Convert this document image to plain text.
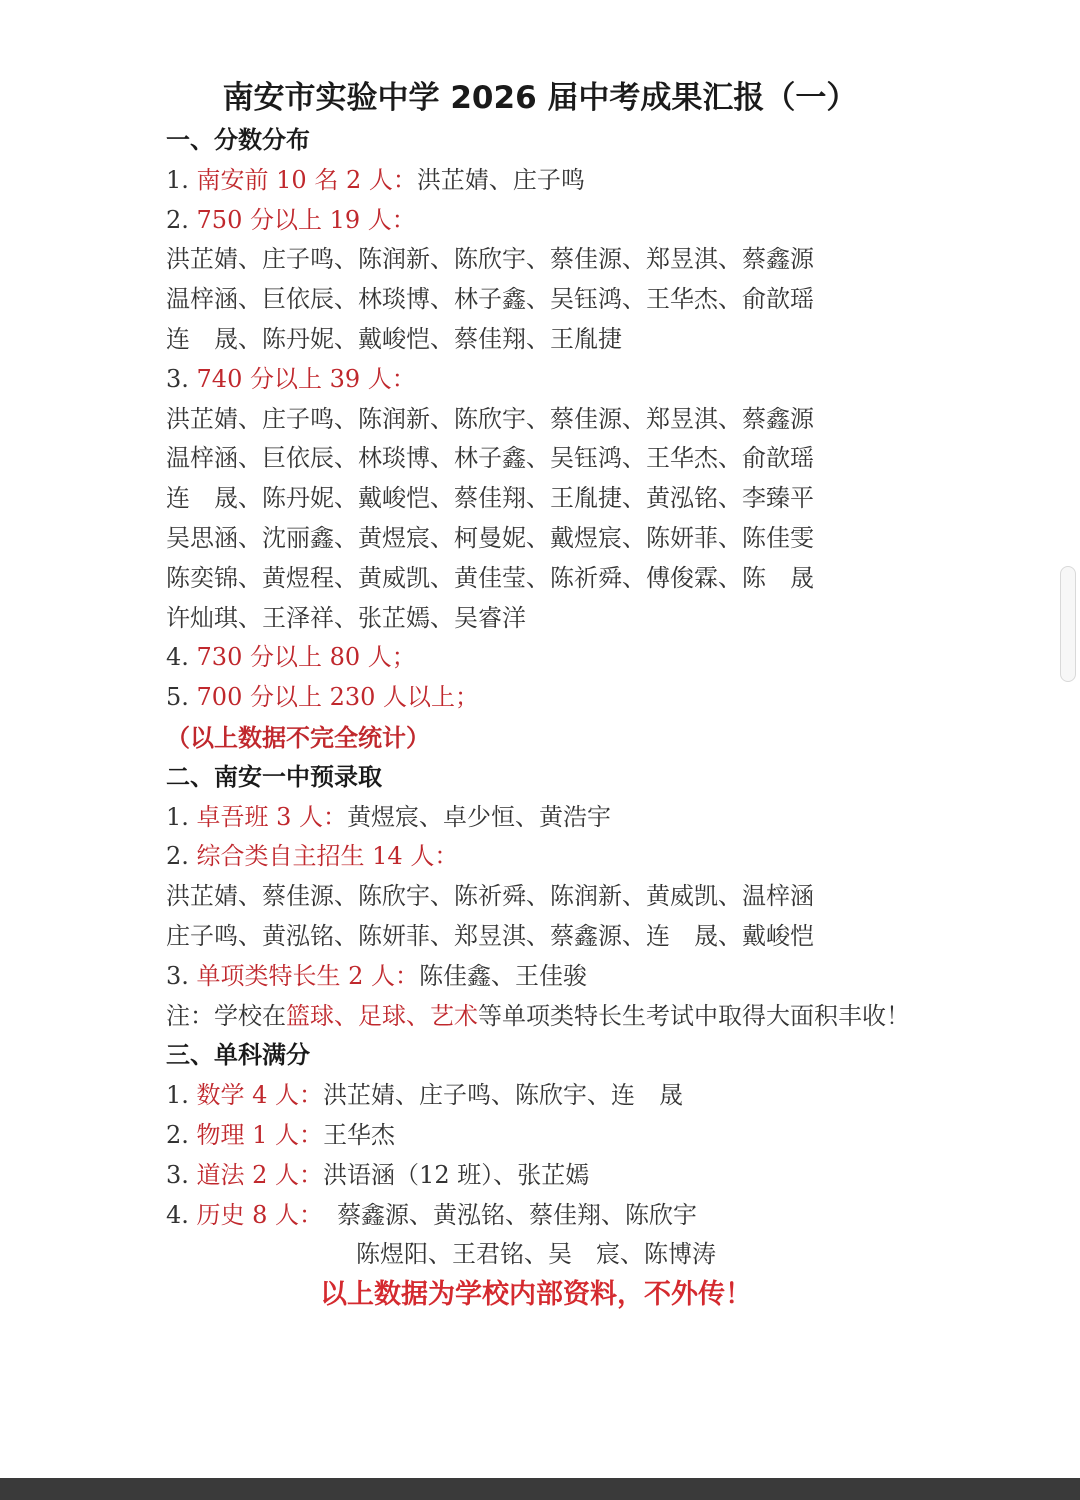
南安市实验中学 2026 届中考成果汇报（一）
一、分数分布
1. 南安前 10 名 2 人：洪芷婧、庄子鸣
2. 750 分以上 19 人：
洪芷婧、庄子鸣、陈润新、陈欣宇、蔡佳源、郑昱淇、蔡鑫源
温梓涵、巨依辰、林琰博、林子鑫、吴钰鸿、王华杰、俞歆瑶
连　晟、陈丹妮、戴峻恺、蔡佳翔、王胤捷
3. 740 分以上 39 人：
洪芷婧、庄子鸣、陈润新、陈欣宇、蔡佳源、郑昱淇、蔡鑫源
温梓涵、巨依辰、林琰博、林子鑫、吴钰鸿、王华杰、俞歆瑶
连　晟、陈丹妮、戴峻恺、蔡佳翔、王胤捷、黄泓铭、李臻平
吴思涵、沈丽鑫、黄煜宸、柯曼妮、戴煜宸、陈妍菲、陈佳雯
陈奕锦、黄煜程、黄威凯、黄佳莹、陈祈舜、傅俊霖、陈　晟
许灿琪、王泽祥、张芷嫣、吴睿洋
4. 730 分以上 80 人；
5. 700 分以上 230 人以上；
（以上数据不完全统计）
二、南安一中预录取
1. 卓吾班 3 人：黄煜宸、卓少恒、黄浩宇
2. 综合类自主招生 14 人：
洪芷婧、蔡佳源、陈欣宇、陈祈舜、陈润新、黄威凯、温梓涵
庄子鸣、黄泓铭、陈妍菲、郑昱淇、蔡鑫源、连　晟、戴峻恺
3. 单项类特长生 2 人：陈佳鑫、王佳骏
注：学校在篮球、足球、艺术等单项类特长生考试中取得大面积丰收！
三、单科满分
1. 数学 4 人：洪芷婧、庄子鸣、陈欣宇、连　晟
2. 物理 1 人：王华杰
3. 道法 2 人：洪语涵（12 班）、张芷嫣
4. 历史 8 人： 蔡鑫源、黄泓铭、蔡佳翔、陈欣宇
陈煜阳、王君铭、吴　宸、陈博涛
以上数据为学校内部资料，不外传！
